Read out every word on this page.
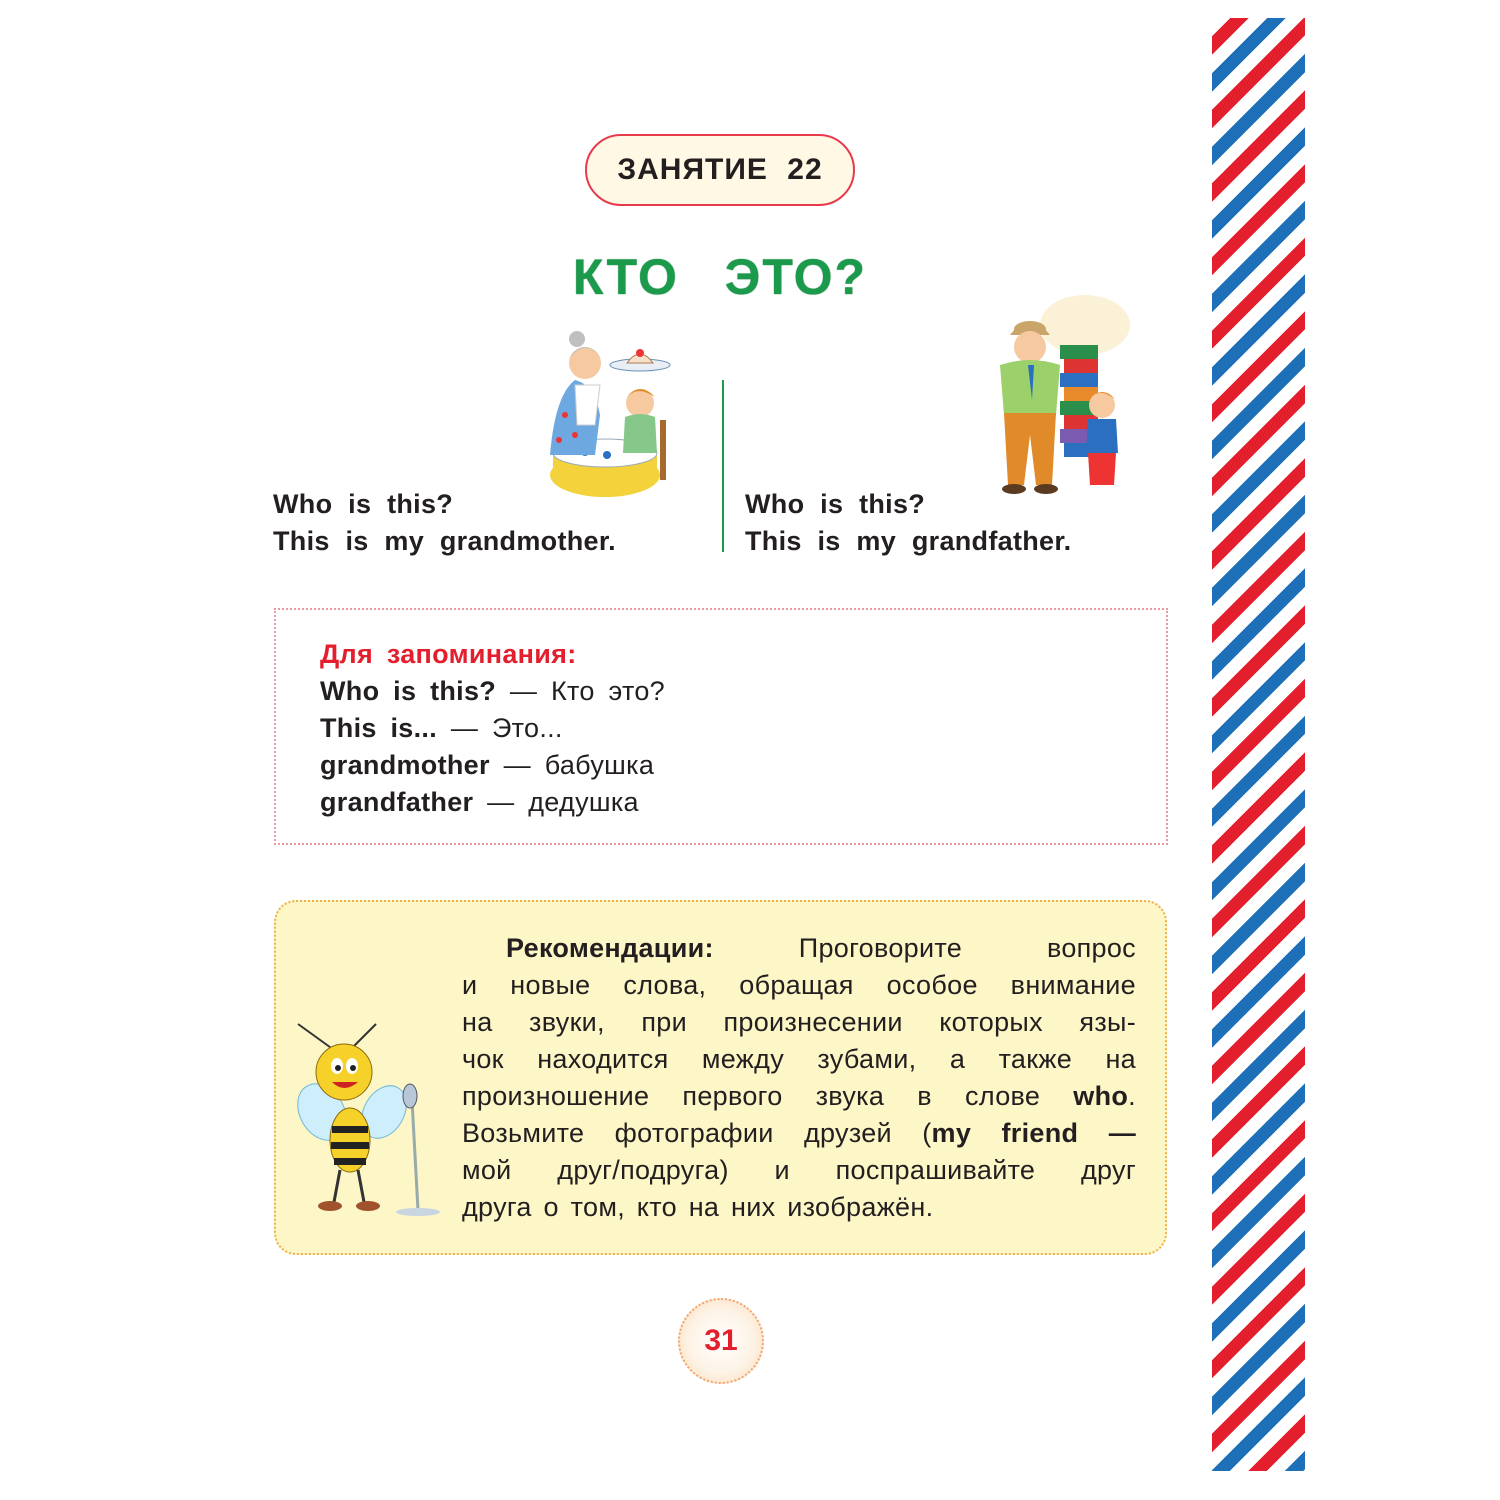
ЗАНЯТИЕ 22
КТО ЭТО?
Who is this?
This is my grandmother.
Who is this?
This is my grandfather.
Для запоминания:
Who is this? — Кто это?
This is... — Это...
grandmother — бабушка
grandfather — дедушка
Рекомендации:	Проговорите вопрос
и новые слова, обращая особое внимание
на звуки, при произнесении которых язы-
чок находится между зубами, а также на
произношение первого звука в слове who.
Возьмите фотографии друзей (my friend —
мой друг/подруга) и поспрашивайте друг
друга о том, кто на них изображён.
31
